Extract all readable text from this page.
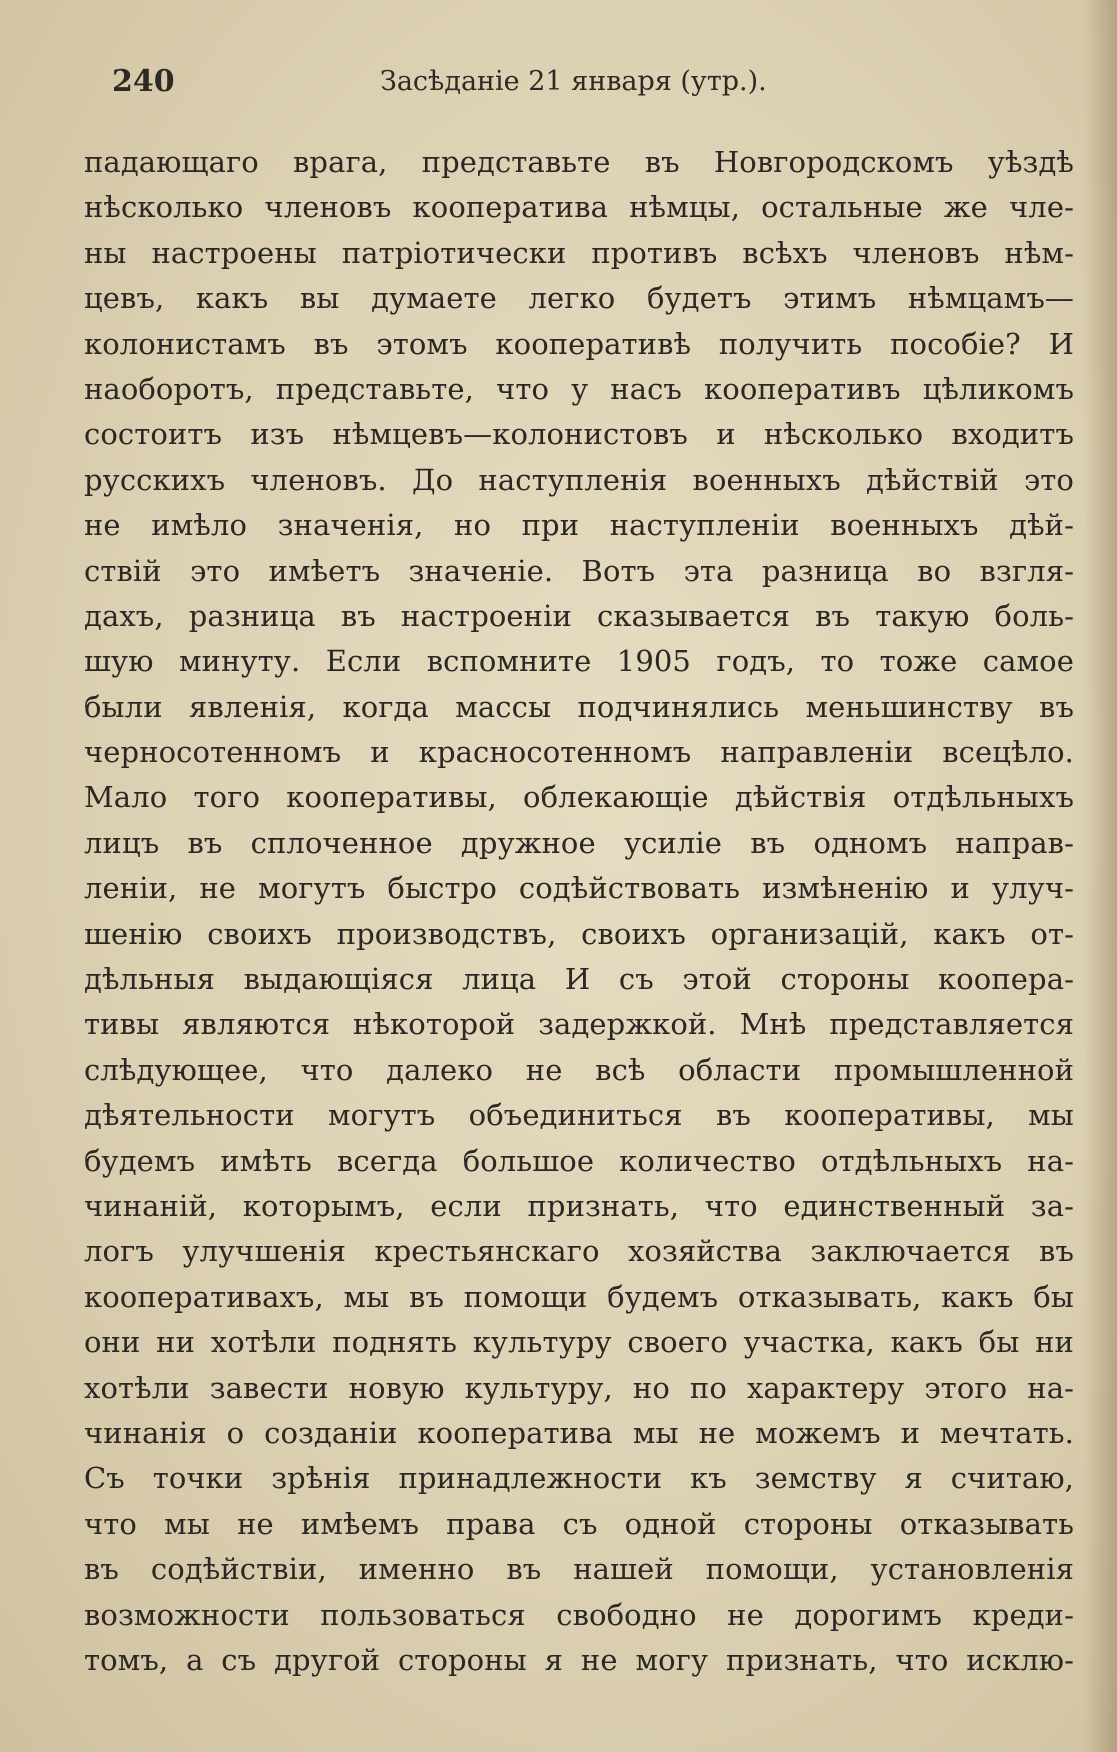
240	Засѣданіе 21 января (утр.).
падающаго врага, представьте въ Новгородскомъ уѣздѣ
нѣсколько членовъ кооператива нѣмцы, остальные же чле-
ны настроены патріотически противъ всѣхъ членовъ нѣм-
цевъ, какъ вы думаете легко будетъ этимъ нѣмцамъ—
колонистамъ въ этомъ кооперативѣ получить пособіе? И
наоборотъ, представьте, что у насъ кооперативъ цѣликомъ
состоитъ изъ нѣмцевъ—колонистовъ и нѣсколько входитъ
русскихъ членовъ. До наступленія военныхъ дѣйствій это
не имѣло значенія, но при наступленіи военныхъ дѣй-
ствій это имѣетъ значеніе. Вотъ эта разница во взгля-
дахъ, разница въ настроеніи сказывается въ такую боль-
шую минуту. Если вспомните 1905 годъ, то тоже самое
были явленія, когда массы подчинялись меньшинству въ
черносотенномъ и красносотенномъ направленіи всецѣло.
Мало того кооперативы, облекающіе дѣйствія отдѣльныхъ
лицъ въ сплоченное дружное усиліе въ одномъ направ-
леніи, не могутъ быстро содѣйствовать измѣненію и улуч-
шенію своихъ производствъ, своихъ организацій, какъ от-
дѣльныя выдающіяся лица И съ этой стороны коопера-
тивы являются нѣкоторой задержкой. Мнѣ представляется
слѣдующее, что далеко не всѣ области промышленной
дѣятельности могутъ объединиться въ кооперативы, мы
будемъ имѣть всегда большое количество отдѣльныхъ на-
чинаній, которымъ, если признать, что единственный за-
логъ улучшенія крестьянскаго хозяйства заключается въ
кооперативахъ, мы въ помощи будемъ отказывать, какъ бы
они ни хотѣли поднять культуру своего участка, какъ бы ни
хотѣли завести новую культуру, но по характеру этого на-
чинанія о созданіи кооператива мы не можемъ и мечтать.
Съ точки зрѣнія принадлежности къ земству я считаю,
что мы не имѣемъ права съ одной стороны отказывать
въ содѣйствіи, именно въ нашей помощи, установленія
возможности пользоваться свободно не дорогимъ креди-
томъ, а съ другой стороны я не могу признать, что исклю-
